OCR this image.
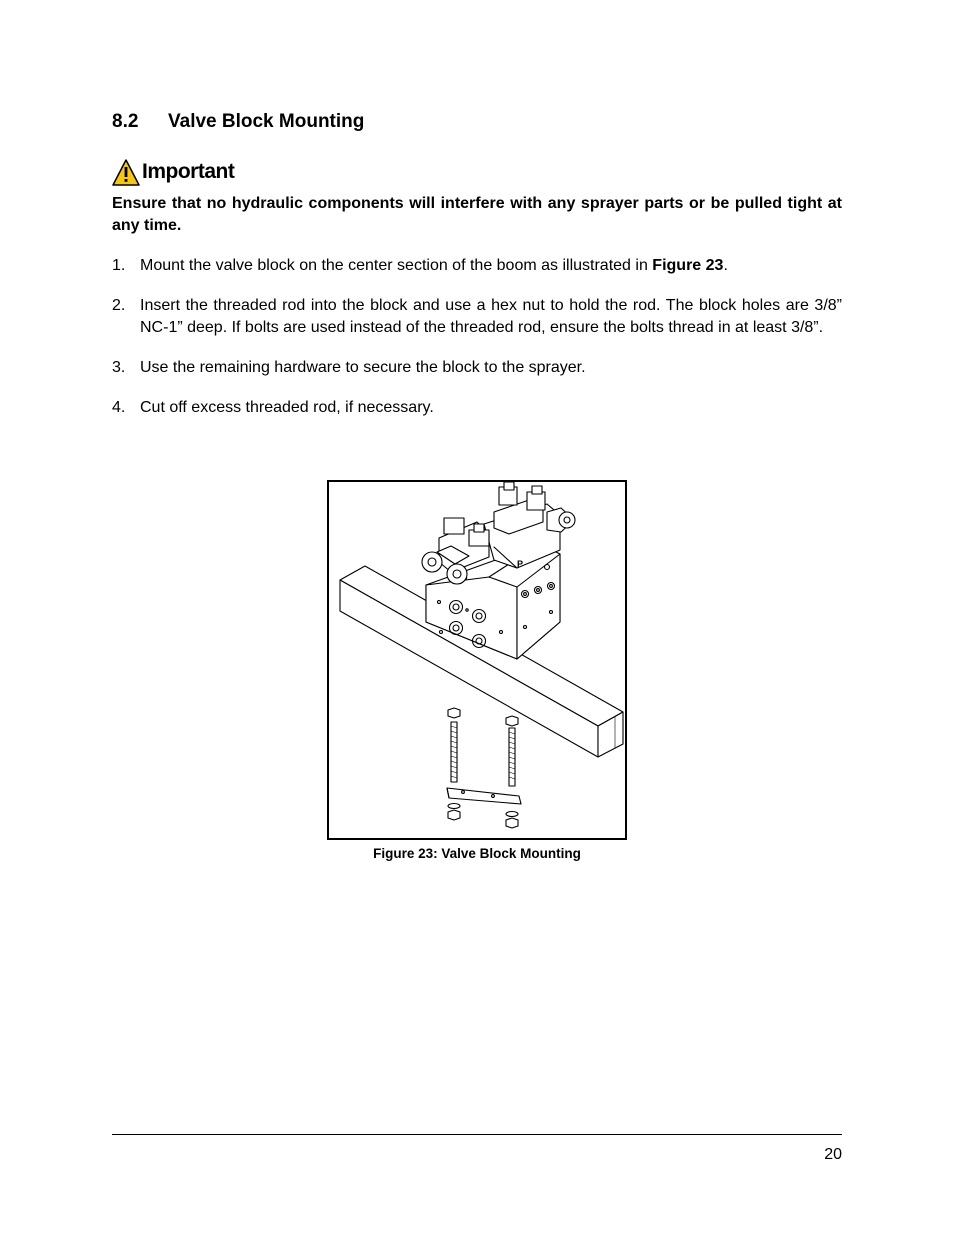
8.2 Valve Block Mounting
Important

Ensure that no hydraulic components will interfere with any sprayer parts or be pulled tight at any time.

1. Mount the valve block on the center section of the boom as illustrated in Figure 23.
2. Insert the threaded rod into the block and use a hex nut to hold the rod. The block holes are 3/8” NC-1” deep. If bolts are used instead of the threaded rod, ensure the bolts thread in at least 3/8”.
3. Use the remaining hardware to secure the block to the sprayer.
4. Cut off excess threaded rod, if necessary.
P
Figure 23: Valve Block Mounting
20
